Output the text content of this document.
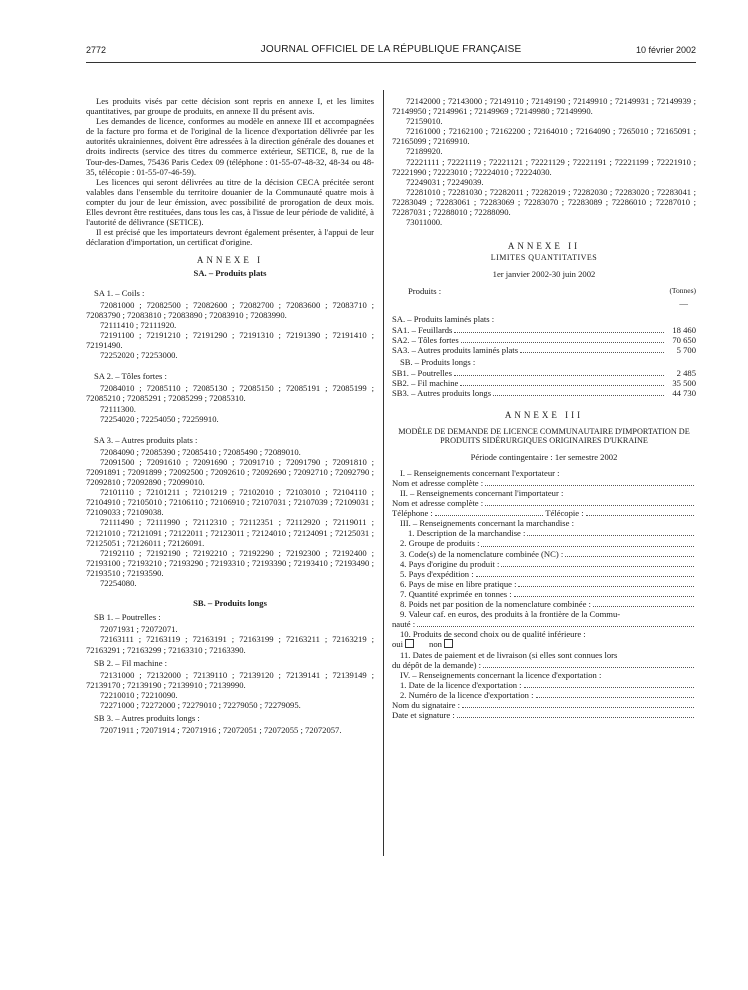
2772	JOURNAL OFFICIEL DE LA RÉPUBLIQUE FRANÇAISE	10 février 2002

Les produits visés par cette décision sont repris en annexe I, et les limites quantitatives, par groupe de produits, en annexe II du présent avis.

Les demandes de licence, conformes au modèle en annexe III et accompagnées de la facture pro forma et de l'original de la licence d'exportation délivrée par les autorités ukrainiennes, doivent être adressées à la direction générale des douanes et droits indirects (service des titres du commerce extérieur, SETICE, 8, rue de la Tour-des-Dames, 75436 Paris Cedex 09 (téléphone : 01-55-07-48-32, 48-34 ou 48-35, télécopie : 01-55-07-46-59).

Les licences qui seront délivrées au titre de la décision CECA précitée seront valables dans l'ensemble du territoire douanier de la Communauté quatre mois à compter du jour de leur émission, avec possibilité de prorogation de deux mois. Elles devront être restituées, dans tous les cas, à l'issue de leur période de validité, à l'autorité de délivrance (SETICE).

Il est précisé que les importateurs devront également présenter, à l'appui de leur déclaration d'importation, un certificat d'origine.

ANNEXE I
SA. – Produits plats
SA 1. – Coils :

72081000 ; 72082500 ; 72082600 ; 72082700 ; 72083600 ; 72083710 ; 72083790 ; 72083810 ; 72083890 ; 72083910 ; 72083990.

72111410 ; 72111920.

72191100 ; 72191210 ; 72191290 ; 72191310 ; 72191390 ; 72191410 ; 72191490.

72252020 ; 72253000.

SA 2. – Tôles fortes :

72084010 ; 72085110 ; 72085130 ; 72085150 ; 72085191 ; 72085199 ; 72085210 ; 72085291 ; 72085299 ; 72085310.

72111300.

72254020 ; 72254050 ; 72259910.

SA 3. – Autres produits plats :

72084090 ; 72085390 ; 72085410 ; 72085490 ; 72089010.

72091500 ; 72091610 ; 72091690 ; 72091710 ; 72091790 ; 72091810 ; 72091891 ; 72091899 ; 72092500 ; 72092610 ; 72092690 ; 72092710 ; 72092790 ; 72092810 ; 72092890 ; 72099010.

72101110 ; 72101211 ; 72101219 ; 72102010 ; 72103010 ; 72104110 ; 72104910 ; 72105010 ; 72106110 ; 72106910 ; 72107031 ; 72107039 ; 72109031 ; 72109033 ; 72109038.

72111490 ; 72111990 ; 72112310 ; 72112351 ; 72112920 ; 72119011 ; 72121010 ; 72121091 ; 72122011 ; 72123011 ; 72124010 ; 72124091 ; 72125031 ; 72125051 ; 72126011 ; 72126091.

72192110 ; 72192190 ; 72192210 ; 72192290 ; 72192300 ; 72192400 ; 72193100 ; 72193210 ; 72193290 ; 72193310 ; 72193390 ; 72193410 ; 72193490 ; 72193510 ; 72193590.

72254080.

SB. – Produits longs
SB 1. – Poutrelles :

72071931 ; 72072071.

72163111 ; 72163119 ; 72163191 ; 72163199 ; 72163211 ; 72163219 ; 72163291 ; 72163299 ; 72163310 ; 72163390.

SB 2. – Fil machine :

72131000 ; 72132000 ; 72139110 ; 72139120 ; 72139141 ; 72139149 ; 72139170 ; 72139190 ; 72139910 ; 72139990.

72210010 ; 72210090.

72271000 ; 72272000 ; 72279010 ; 72279050 ; 72279095.

SB 3. – Autres produits longs :

72071911 ; 72071914 ; 72071916 ; 72072051 ; 72072055 ; 72072057.

72142000 ; 72143000 ; 72149110 ; 72149190 ; 72149910 ; 72149931 ; 72149939 ; 72149950 ; 72149961 ; 72149969 ; 72149980 ; 72149990.

72159010.

72161000 ; 72162100 ; 72162200 ; 72164010 ; 72164090 ; 7265010 ; 72165091 ; 72165099 ; 72169910.

72189920.

72221111 ; 72221119 ; 72221121 ; 72221129 ; 72221191 ; 72221199 ; 72221910 ; 72221990 ; 72223010 ; 72224010 ; 72224030.

72249031 ; 72249039.

72281010 ; 72281030 ; 72282011 ; 72282019 ; 72282030 ; 72283020 ; 72283041 ; 72283049 ; 72283061 ; 72283069 ; 72283070 ; 72283089 ; 72286010 ; 72287010 ; 72287031 ; 72288010 ; 72288090.

73011000.

ANNEXE II
LIMITES QUANTITATIVES
1er janvier 2002-30 juin 2002
Produits :	(Tonnes)
—
SA. – Produits laminés plats :
SA1. – Feuillards	18 460
SA2. – Tôles fortes	70 650
SA3. – Autres produits laminés plats	5 700
SB. – Produits longs :
SB1. – Poutrelles	2 485
SB2. – Fil machine	35 500
SB3. – Autres produits longs	44 730
ANNEXE III
MODÈLE DE DEMANDE DE LICENCE COMMUNAUTAIRE D'IMPORTATION DE PRODUITS SIDÉRURGIQUES ORIGINAIRES D'UKRAINE
Période contingentaire : 1er semestre 2002

I. – Renseignements concernant l'exportateur :

Nom et adresse complète :

II. – Renseignements concernant l'importateur :

Nom et adresse complète :
Téléphone :	Télécopie :

III. – Renseignements concernant la marchandise :

1. Description de la marchandise :
2. Groupe de produits :
3. Code(s) de la nomenclature combinée (NC) :
4. Pays d'origine du produit :
5. Pays d'expédition :
6. Pays de mise en libre pratique :
7. Quantité exprimée en tonnes :
8. Poids net par position de la nomenclature combinée :

9. Valeur caf. en euros, des produits à la frontière de la Commu-

nauté :

10. Produits de second choix ou de qualité inférieure :

oui	non

11. Dates de paiement et de livraison (si elles sont connues lors

du dépôt de la demande) :

IV. – Renseignements concernant la licence d'exportation :

1. Date de la licence d'exportation :
2. Numéro de la licence d'exportation :
Nom du signataire :
Date et signature :
